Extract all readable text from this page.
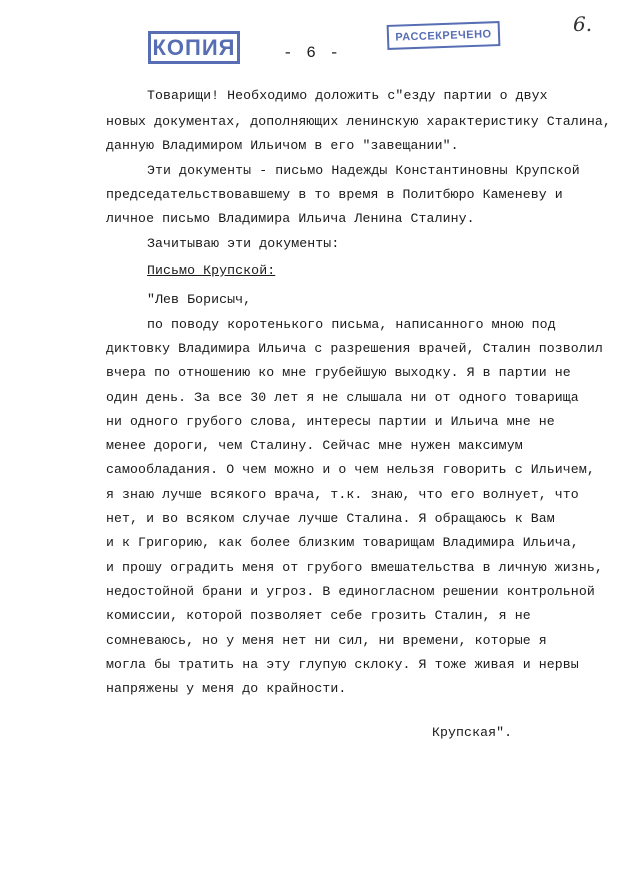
КОПИЯ	- 6 -
РАССЕКРЕЧЕНО	6.
Товарищи! Необходимо доложить с"езду партии о двух
новых документах, дополняющих ленинскую характеристику Сталина,
данную Владимиром Ильичом в его "завещании".
Эти документы - письмо Надежды Константиновны Крупской
председательствовавшему в то время в Политбюро Каменеву и
личное письмо Владимира Ильича Ленина Сталину.
Зачитываю эти документы:
Письмо Крупской:
"Лев Борисыч,
по поводу коротенького письма, написанного мною под
диктовку Владимира Ильича с разрешения врачей, Сталин позволил
вчера по отношению ко мне грубейшую выходку. Я в партии не
один день. За все 30 лет я не слышала ни от одного товарища
ни одного грубого слова, интересы партии и Ильича мне не
менее дороги, чем Сталину. Сейчас мне нужен максимум
самообладания. О чем можно и о чем нельзя говорить с Ильичем,
я знаю лучше всякого врача, т.к. знаю, что его волнует, что
нет, и во всяком случае лучше Сталина. Я обращаюсь к Вам
и к Григорию, как более близким товарищам Владимира Ильича,
и прошу оградить меня от грубого вмешательства в личную жизнь,
недостойной брани и угроз. В единогласном решении контрольной
комиссии, которой позволяет себе грозить Сталин, я не
сомневаюсь, но у меня нет ни сил, ни времени, которые я
могла бы тратить на эту глупую склоку. Я тоже живая и нервы
напряжены у меня до крайности.
Крупская".
